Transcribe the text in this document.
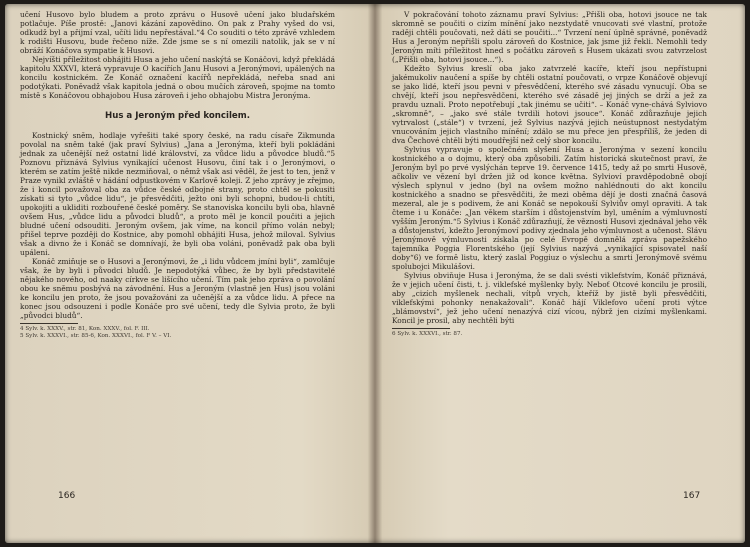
učení Husovo bylo bludem a proto zprávu o Husově učení jako bludařském potlačuje. Píše prostě: „Janovi kázání zapovědino. On pak z Prahy vyšed do vsi, odkudž byl a přijmí vzal, učíti lidu nepřestával.“4 Co souditi o této zprávě vzhledem k rodišti Husovu, bude řečeno níže. Zde jsme se s ní omezili natolik, jak se v ní obráží Konáčova sympatie k Husovi.

Nejvíšti příležitost obhájiti Husa a jeho učení naskýtá se Konáčovi, když překládá kapitolu XXXVI, která vypravuje O kacířích Janu Husovi a Jeronýmovi, upálených na koncilu kostnickém. Ze Konáč označení kacířů nepřekládá, neřeba snad ani podotýkati. Poněvadž však kapitola jedná o obou mučích zároveň, spojme na tomto místě s Konáčovou obhajobou Husa zároveň i jeho obhajobu Mistra Jeronýma.

Hus a Jeroným před koncilem.

Kostnický sněm, hodlaje vyřešiti také spory české, na radu císaře Zikmunda povolal na sněm také (jak praví Sylvius) „Jana a Jeronýma, kteří byli pokládáni jednak za učenější než ostatní lidé království, za vůdce lidu a původce bludů.“5 Poznovu přiznává Sylvius vynikající učenost Husovu, činí tak i o Jeronýmovi, o kterém se zatím ještě nikde nezmiňoval, o němž však asi věděl, že jest to ten, jenž v Praze vynikl zvláště v hádání odpustkovém v Karlově koleji. Z jeho zprávy je zřejmo, že i koncil považoval oba za vůdce české odbojné strany, proto chtěl se pokusiti získati si tyto „vůdce lidu“, je přesvědčiti, ježto oni byli schopni, budou-li chtíti, upokojiti a ukliditi rozbouřené české poměry. Se stanoviska koncilu byli oba, hlavně ovšem Hus, „vůdce lidu a původci bludů“, a proto měl je koncil poučiti a jejich bludné učení odsouditi. Jeroným ovšem, jak víme, na koncil přímo volán nebyl; přišel teprve později do Kostnice, aby pomohl obhájiti Husa, jehož miloval. Sylvius však a divno že i Konáč se domnívají, že byli oba voláni, poněvadž pak oba byli upáleni.

Konáč zmiňuje se o Husovi a Jeronýmovi, že „i lidu vůdcem jmíni byli“, zamlčuje však, že by byli i původci bludů. Je nepodotýká vůbec, že by byli představitelé nějakého nového, od naaky církve se lišícího učení. Tím pak jeho zpráva o povolání obou ke sněmu posbývá na závodnění. Hus a Jeroným (vlastně jen Hus) jsou voláni ke koncilu jen proto, že jsou považováni za učenější a za vůdce lidu. A přece na konec jsou odsouzeni i podle Konáče pro své učení, tedy dle Sylvia proto, že byli „původci bludů“.

4 Sylv. k. XXXV., str. 81, Kon. XXXV., fol. F. III.

5 Sylv. k. XXXVI., str. 85-6, Kon. XXXVI., fol. F V. – VI.

V pokračování tohoto záznamu praví Sylvius: „Přišli oba, hotovi jsouce ne tak skromně se poučiti o cizím mínění jako nezstydatě vnucovati své vlastní, protože raději chtěli poučovati, než dáti se poučiti...“ Tvrzení není úplně správné, poněvadž Hus a Jeroným nepřišli spolu zároveň do Kostnice, jak jsme již řekli. Nemohli tedy Jeroným míti příležitost hned s počátku zároveň s Husem ukázati svou zatvrzelost („Přišli oba, hotovi jsouce...“).

Kdežto Sylvius kreslí oba jako zatvrzelé kacíře, kteří jsou nepřístupni jakémukoliv naučení a spíše by chtěli ostatní poučovati, o vrpze Konáčově objevují se jako lidé, kteří jsou pevni v přesvědčení, kterého své zásadu vynucují. Oba se chvějí, kteří jsou nepřesvědčeni, kterého své zásadě jej jiných se drží a jež za pravdu uznali. Proto nepotřebují „tak jinému se učiti“. – Konáč vyne-chává Sylviovo „skromně“, – „jako své stále tvrdili hotovi jsouce“. Konáč zdůrazňuje jejich vytrvalost („stále“) v tvrzení, jež Sylvius nazývá jejich neústupnost nestydatým vnucováním jejich vlastního mínění; zdálo se mu přece jen přespřílíš, že jeden di dva Čechové chtěli býti moudřejší než celý sbor koncilu.

Sylvius vypravuje o společném slyšení Husa a Jeronýma v sezení koncilu kostnického a o dojmu, který oba způsobili. Zatím historická skutečnost praví, že Jeroným byl po prvé vyslýchán teprve 19. července 1415, tedy až po smrti Husově, ačkoliv ve vězení byl držen již od konce května. Sylvioví pravděpodobně obojí výslech splynul v jedno (byl na ovšem možno nahlédnouti do akt koncilu kostnického a snadno se přesvědčiti, že mezi oběma dějí je dosti značná časová mezeral, ale je s podivem, že ani Konáč se nepokouší Sylviův omyl opraviti. A tak čteme i u Konáče: „Jan věkem starším i důstojenstvím byl, uměním a výmluvností vyšším Jeroným.“5 Sylvius i Konáč zdůrazňují, že věznosti Husovi zjednával jeho věk a důstojenství, kdežto Jeronýmoví podivy zjednala jeho výmluvnost a učenost. Slávu Jeronýmově výmluvnosti získala po celé Evropě domnělá zpráva papežského tajemníka Poggia Florentského (její Sylvius nazývá „vynikající spisovatel naší doby“6) ve formě listu, který zaslal Poggiuz o výslechu a smrti Jeronýmově svému spolubojci Mikulášovi.

Sylvius obviňuje Husa i Jeronýma, že se dali svésti viklefstvím, Konáč přiznává, že v jejich učení čisti, t. j. viklefské myšlenky byly. Neboť Otcové koncilu je prosili, aby „cizích myšlenek nechali, vítpů vrych, kteříž by jistě byli přesvědčiti, viklefskými pohonky nenakažovali“. Konáč hájí Viklefovo učení proti výtce „blámovství“, jež jeho učení nenazývá cizí vícou, nýbrž jen cizími myšlenkami. Koncil je prosil, aby nechtěli býti

6 Sylv. k. XXXVI., str. 87.

166	167
